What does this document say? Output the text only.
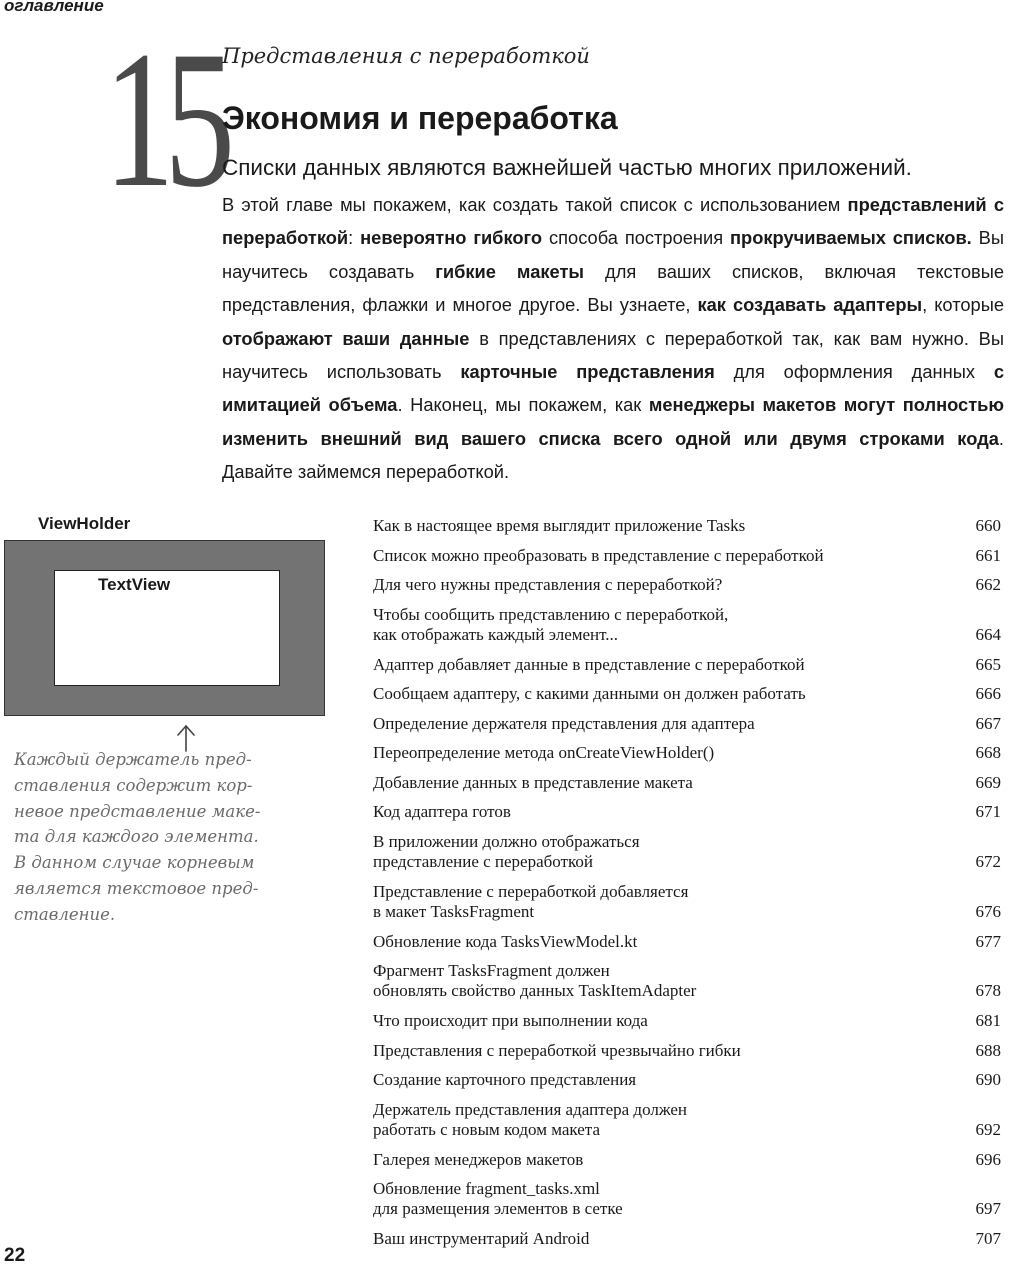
оглавление
15
Представления с переработкой
Экономия и переработка

Списки данных являются важнейшей частью многих приложений.

В этой главе мы покажем, как создать такой список с использованием представлений с переработкой: невероятно гибкого способа построения прокручиваемых списков. Вы научитесь создавать гибкие макеты для ваших списков, включая текстовые представления, флажки и многое другое. Вы узнаете, как создавать адаптеры, которые отображают ваши данные в представлениях с переработкой так, как вам нужно. Вы научитесь использовать карточные представления для оформления данных с имитацией объема. Наконец, мы покажем, как менеджеры макетов могут полностью изменить внешний вид вашего списка всего одной или двумя строками кода. Давайте займемся переработкой.

ViewHolder
TextView

Каждый держатель пред-
ставления содержит кор-
невое представление маке-
та для каждого элемента.
В данном случае корневым
является текстовое пред-
ставление.

Как в настоящее время выглядит приложение Tasks	660
Список можно преобразовать в представление с переработкой	661
Для чего нужны представления с переработкой?	662
Чтобы сообщить представлению с переработкой,
как отображать каждый элемент...	664
Адаптер добавляет данные в представление с переработкой	665
Сообщаем адаптеру, с какими данными он должен работать	666
Определение держателя представления для адаптера	667
Переопределение метода onCreateViewHolder()	668
Добавление данных в представление макета	669
Код адаптера готов	671
В приложении должно отображаться
представление с переработкой	672
Представление с переработкой добавляется
в макет TasksFragment	676
Обновление кода TasksViewModel.kt	677
Фрагмент TasksFragment должен
обновлять свойство данных TaskItemAdapter	678
Что происходит при выполнении кода	681
Представления с переработкой чрезвычайно гибки	688
Создание карточного представления	690
Держатель представления адаптера должен
работать с новым кодом макета	692
Галерея менеджеров макетов	696
Обновление fragment_tasks.xml
для размещения элементов в сетке	697
Ваш инструментарий Android	707
22
